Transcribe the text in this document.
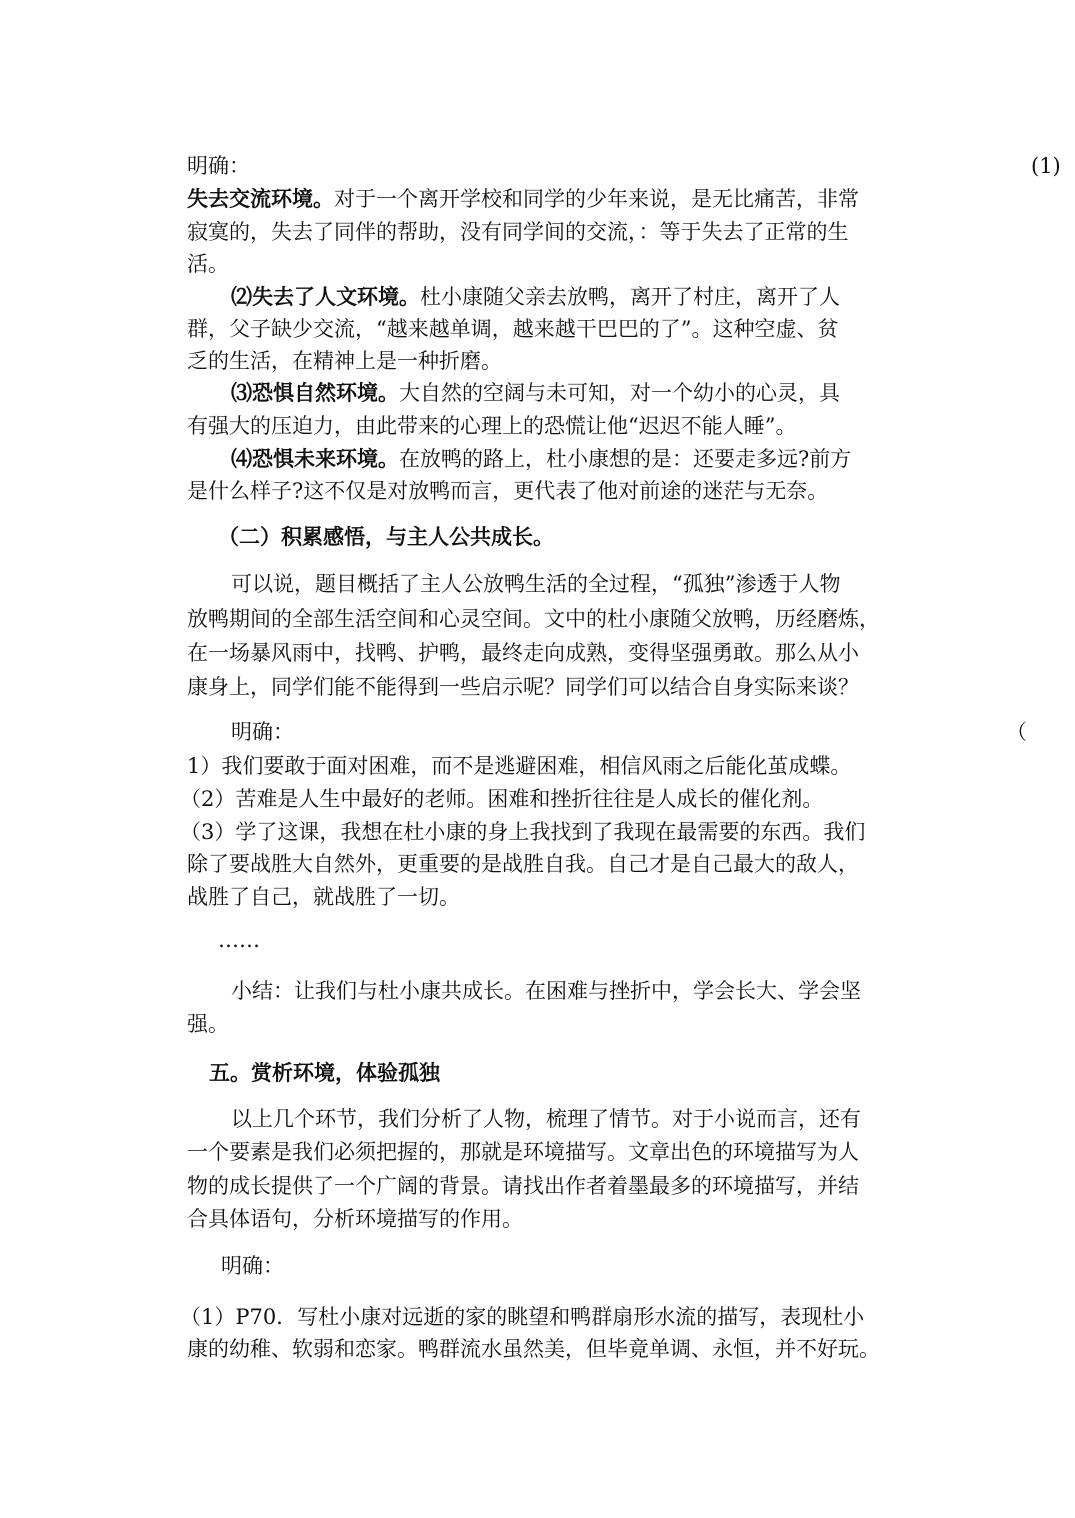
明确：	(1)
失去交流环境。对于一个离开学校和同学的少年来说，是无比痛苦，非常
寂寞的，失去了同伴的帮助，没有同学间的交流，：等于失去了正常的生
活。
⑵失去了人文环境。杜小康随父亲去放鸭，离开了村庄，离开了人
群，父子缺少交流，“越来越单调，越来越干巴巴的了”。这种空虚、贫
乏的生活，在精神上是一种折磨。
⑶恐惧自然环境。大自然的空阔与未可知，对一个幼小的心灵，具
有强大的压迫力，由此带来的心理上的恐慌让他“迟迟不能人睡”。
⑷恐惧未来环境。在放鸭的路上，杜小康想的是：还要走多远?前方
是什么样子?这不仅是对放鸭而言，更代表了他对前途的迷茫与无奈。
（二）积累感悟，与主人公共成长。
可以说，题目概括了主人公放鸭生活的全过程，“孤独”渗透于人物
放鸭期间的全部生活空间和心灵空间。文中的杜小康随父放鸭，历经磨炼，
在一场暴风雨中，找鸭、护鸭，最终走向成熟，变得坚强勇敢。那么从小
康身上，同学们能不能得到一些启示呢？同学们可以结合自身实际来谈？
明确：	（
1）我们要敢于面对困难，而不是逃避困难，相信风雨之后能化茧成蝶。
（2）苦难是人生中最好的老师。困难和挫折往往是人成长的催化剂。
（3）学了这课，我想在杜小康的身上我找到了我现在最需要的东西。我们
除了要战胜大自然外，更重要的是战胜自我。自己才是自己最大的敌人，
战胜了自己，就战胜了一切。
……
小结：让我们与杜小康共成长。在困难与挫折中，学会长大、学会坚
强。
五。赏析环境，体验孤独
以上几个环节，我们分析了人物，梳理了情节。对于小说而言，还有
一个要素是我们必须把握的，那就是环境描写。文章出色的环境描写为人
物的成长提供了一个广阔的背景。请找出作者着墨最多的环境描写，并结
合具体语句，分析环境描写的作用。
明确：
（1）P70．写杜小康对远逝的家的眺望和鸭群扇形水流的描写，表现杜小
康的幼稚、软弱和恋家。鸭群流水虽然美，但毕竟单调、永恒，并不好玩。
